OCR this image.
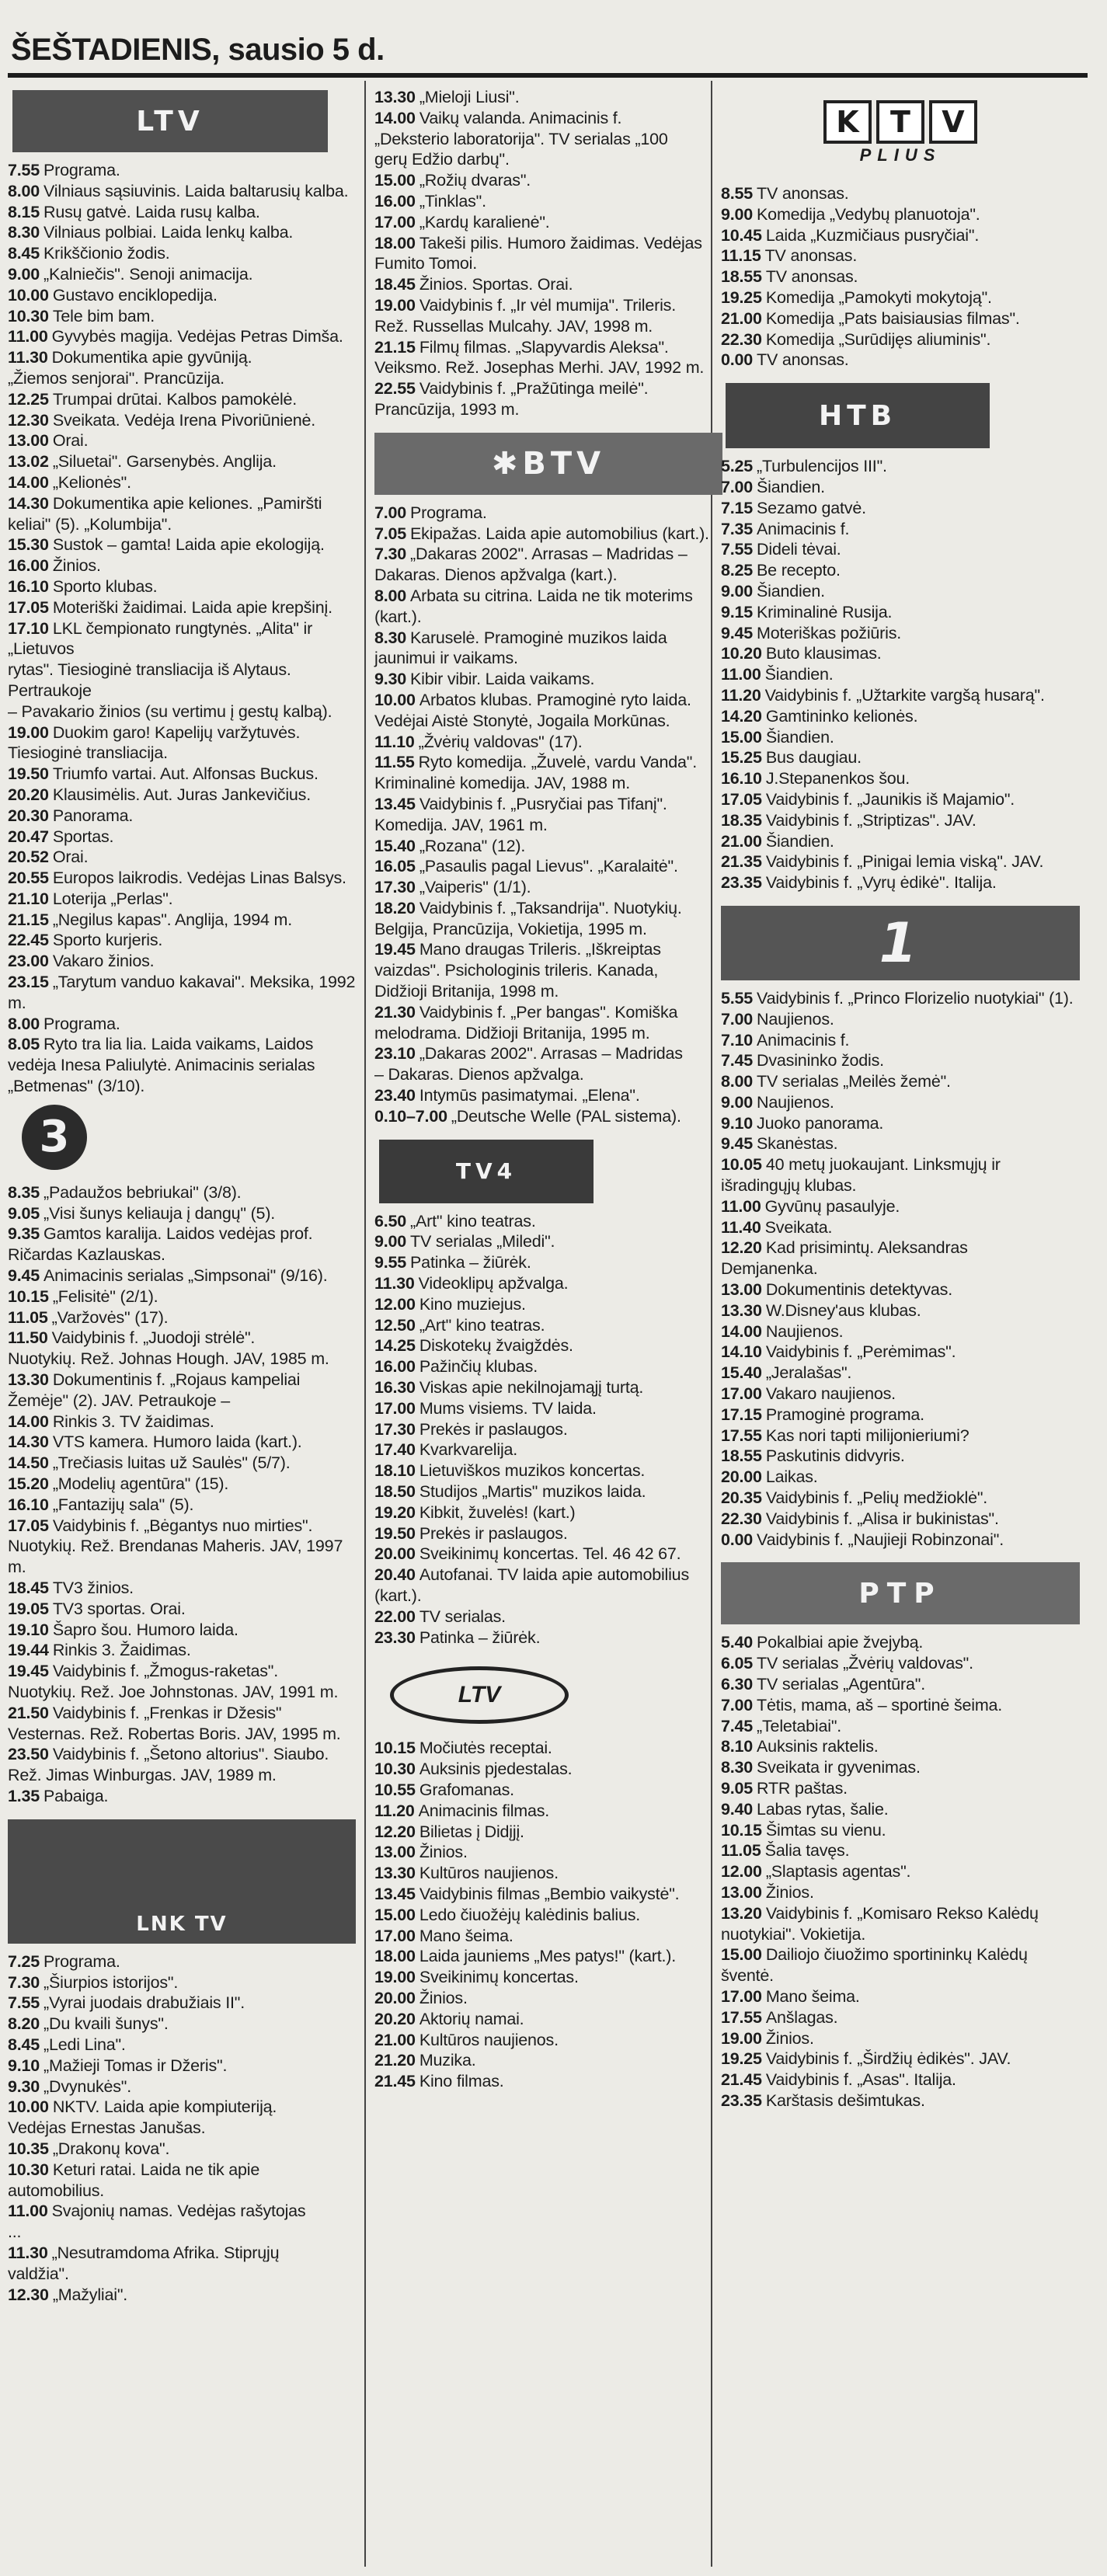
ŠEŠTADIENIS, sausio 5 d.
LTV
7.55 Programa.
8.00 Vilniaus sąsiuvinis. Laida baltarusių kalba.
8.15 Rusų gatvė. Laida rusų kalba.
8.30 Vilniaus polbiai. Laida lenkų kalba.
8.45 Krikščionio žodis.
9.00 „Kalniečis". Senoji animacija.
10.00 Gustavo enciklopedija.
10.30 Tele bim bam.
11.00 Gyvybės magija. Vedėjas Petras Dimša.
11.30 Dokumentika apie gyvūniją.
„Žiemos senjorai". Prancūzija.
12.25 Trumpai drūtai. Kalbos pamokėlė.
12.30 Sveikata. Vedėja Irena Pivoriūnienė.
13.00 Orai.
13.02 „Siluetai". Garsenybės. Anglija.
14.00 „Kelionės".
14.30 Dokumentika apie keliones. „Pamiršti
keliai" (5). „Kolumbija".
15.30 Sustok – gamta! Laida apie ekologiją.
16.00 Žinios.
16.10 Sporto klubas.
17.05 Moteriški žaidimai. Laida apie krepšinį.
17.10 LKL čempionato rungtynės. „Alita" ir „Lietuvos
rytas". Tiesioginė transliacija iš Alytaus. Pertraukoje
– Pavakario žinios (su vertimu į gestų kalbą).
19.00 Duokim garo! Kapelijų varžytuvės.
Tiesioginė transliacija.
19.50 Triumfo vartai. Aut. Alfonsas Buckus.
20.20 Klausimėlis. Aut. Juras Jankevičius.
20.30 Panorama.
20.47 Sportas.
20.52 Orai.
20.55 Europos laikrodis. Vedėjas Linas Balsys.
21.10 Loterija „Perlas".
21.15 „Negilus kapas". Anglija, 1994 m.
22.45 Sporto kurjeris.
23.00 Vakaro žinios.
23.15 „Tarytum vanduo kakavai". Meksika, 1992 m.
8.00 Programa.
8.05 Ryto tra lia lia. Laida vaikams, Laidos
vedėja Inesa Paliulytė. Animacinis serialas
„Betmenas" (3/10).
3
8.35 „Padaužos bebriukai" (3/8).
9.05 „Visi šunys keliauja į dangų" (5).
9.35 Gamtos karalija. Laidos vedėjas prof.
Ričardas Kazlauskas.
9.45 Animacinis serialas „Simpsonai" (9/16).
10.15 „Felisitė" (2/1).
11.05 „Varžovės" (17).
11.50 Vaidybinis f. „Juodoji strėlė".
Nuotykių. Rež. Johnas Hough. JAV, 1985 m.
13.30 Dokumentinis f. „Rojaus kampeliai
Žemėje" (2). JAV. Petraukoje –
14.00 Rinkis 3. TV žaidimas.
14.30 VTS kamera. Humoro laida (kart.).
14.50 „Trečiasis luitas už Saulės" (5/7).
15.20 „Modelių agentūra" (15).
16.10 „Fantazijų sala" (5).
17.05 Vaidybinis f. „Bėgantys nuo mirties".
Nuotykių. Rež. Brendanas Maheris. JAV, 1997 m.
18.45 TV3 žinios.
19.05 TV3 sportas. Orai.
19.10 Šapro šou. Humoro laida.
19.44 Rinkis 3. Žaidimas.
19.45 Vaidybinis f. „Žmogus-raketas".
Nuotykių. Rež. Joe Johnstonas. JAV, 1991 m.
21.50 Vaidybinis f. „Frenkas ir Džesis"
Vesternas. Rež. Robertas Boris. JAV, 1995 m.
23.50 Vaidybinis f. „Šetono altorius". Siaubo.
Rež. Jimas Winburgas. JAV, 1989 m.
1.35 Pabaiga.
LNK TV
7.25 Programa.
7.30 „Šiurpios istorijos".
7.55 „Vyrai juodais drabužiais II".
8.20 „Du kvaili šunys".
8.45 „Ledi Lina".
9.10 „Mažieji Tomas ir Džeris".
9.30 „Dvynukės".
10.00 NKTV. Laida apie kompiuteriją.
Vedėjas Ernestas Janušas.
10.35 „Drakonų kova".
10.30 Keturi ratai. Laida ne tik apie
automobilius.
11.00 Svajonių namas. Vedėjas rašytojas
...
11.30 „Nesutramdoma Afrika. Stiprųjų
valdžia".
12.30 „Mažyliai".
13.30 „Mieloji Liusi".
14.00 Vaikų valanda. Animacinis f.
„Deksterio laboratorija". TV serialas „100
gerų Edžio darbų".
15.00 „Rožių dvaras".
16.00 „Tinklas".
17.00 „Kardų karalienė".
18.00 Takeši pilis. Humoro žaidimas. Vedėjas
Fumito Tomoi.
18.45 Žinios. Sportas. Orai.
19.00 Vaidybinis f. „Ir vėl mumija". Trileris.
Rež. Russellas Mulcahy. JAV, 1998 m.
21.15 Filmų filmas. „Slapyvardis Aleksa".
Veiksmo. Rež. Josephas Merhi. JAV, 1992 m.
22.55 Vaidybinis f. „Pražūtinga meilė".
Prancūzija, 1993 m.
✱BTV
7.00 Programa.
7.05 Ekipažas. Laida apie automobilius (kart.).
7.30 „Dakaras 2002". Arrasas – Madridas –
Dakaras. Dienos apžvalga (kart.).
8.00 Arbata su citrina. Laida ne tik moterims (kart.).
8.30 Karuselė. Pramoginė muzikos laida
jaunimui ir vaikams.
9.30 Kibir vibir. Laida vaikams.
10.00 Arbatos klubas. Pramoginė ryto laida.
Vedėjai Aistė Stonytė, Jogaila Morkūnas.
11.10 „Žvėrių valdovas" (17).
11.55 Ryto komedija. „Žuvelė, vardu Vanda".
Kriminalinė komedija. JAV, 1988 m.
13.45 Vaidybinis f. „Pusryčiai pas Tifanį".
Komedija. JAV, 1961 m.
15.40 „Rozana" (12).
16.05 „Pasaulis pagal Lievus". „Karalaitė".
17.30 „Vaiperis" (1/1).
18.20 Vaidybinis f. „Taksandrija". Nuotykių.
Belgija, Prancūzija, Vokietija, 1995 m.
19.45 Mano draugas Trileris. „Iškreiptas
vaizdas". Psichologinis trileris. Kanada,
Didžioji Britanija, 1998 m.
21.30 Vaidybinis f. „Per bangas". Komiška
melodrama. Didžioji Britanija, 1995 m.
23.10 „Dakaras 2002". Arrasas – Madridas
– Dakaras. Dienos apžvalga.
23.40 Intymūs pasimatymai. „Elena".
0.10–7.00 „Deutsche Welle (PAL sistema).
TV4
6.50 „Art" kino teatras.
9.00 TV serialas „Miledi".
9.55 Patinka – žiūrėk.
11.30 Videoklipų apžvalga.
12.00 Kino muziejus.
12.50 „Art" kino teatras.
14.25 Diskotekų žvaigždės.
16.00 Pažinčių klubas.
16.30 Viskas apie nekilnojamąjį turtą.
17.00 Mums visiems. TV laida.
17.30 Prekės ir paslaugos.
17.40 Kvarkvarelija.
18.10 Lietuviškos muzikos koncertas.
18.50 Studijos „Martis" muzikos laida.
19.20 Kibkit, žuvelės! (kart.)
19.50 Prekės ir paslaugos.
20.00 Sveikinimų koncertas. Tel. 46 42 67.
20.40 Autofanai. TV laida apie automobilius (kart.).
22.00 TV serialas.
23.30 Patinka – žiūrėk.
LTV
10.15 Močiutės receptai.
10.30 Auksinis pjedestalas.
10.55 Grafomanas.
11.20 Animacinis filmas.
12.20 Bilietas į Didįjį.
13.00 Žinios.
13.30 Kultūros naujienos.
13.45 Vaidybinis filmas „Bembio vaikystė".
15.00 Ledo čiuožėjų kalėdinis balius.
17.00 Mano šeima.
18.00 Laida jauniems „Mes patys!" (kart.).
19.00 Sveikinimų koncertas.
20.00 Žinios.
20.20 Aktorių namai.
21.00 Kultūros naujienos.
21.20 Muzika.
21.45 Kino filmas.
K	T	V
PLIUS
8.55 TV anonsas.
9.00 Komedija „Vedybų planuotoja".
10.45 Laida „Kuzmičiaus pusryčiai".
11.15 TV anonsas.
18.55 TV anonsas.
19.25 Komedija „Pamokyti mokytoją".
21.00 Komedija „Pats baisiausias filmas".
22.30 Komedija „Surūdijęs aliuminis".
0.00 TV anonsas.
НТВ
5.25 „Turbulencijos III".
7.00 Šiandien.
7.15 Sezamo gatvė.
7.35 Animacinis f.
7.55 Dideli tėvai.
8.25 Be recepto.
9.00 Šiandien.
9.15 Kriminalinė Rusija.
9.45 Moteriškas požiūris.
10.20 Buto klausimas.
11.00 Šiandien.
11.20 Vaidybinis f. „Užtarkite vargšą husarą".
14.20 Gamtininko kelionės.
15.00 Šiandien.
15.25 Bus daugiau.
16.10 J.Stepanenkos šou.
17.05 Vaidybinis f. „Jaunikis iš Majamio".
18.35 Vaidybinis f. „Striptizas". JAV.
21.00 Šiandien.
21.35 Vaidybinis f. „Pinigai lemia viską". JAV.
23.35 Vaidybinis f. „Vyrų ėdikė". Italija.
1
5.55 Vaidybinis f. „Princo Florizelio nuotykiai" (1).
7.00 Naujienos.
7.10 Animacinis f.
7.45 Dvasininko žodis.
8.00 TV serialas „Meilės žemė".
9.00 Naujienos.
9.10 Juoko panorama.
9.45 Skanėstas.
10.05 40 metų juokaujant. Linksmųjų ir
išradingųjų klubas.
11.00 Gyvūnų pasaulyje.
11.40 Sveikata.
12.20 Kad prisimintų. Aleksandras
Demjanenka.
13.00 Dokumentinis detektyvas.
13.30 W.Disney'aus klubas.
14.00 Naujienos.
14.10 Vaidybinis f. „Perėmimas".
15.40 „Jeralašas".
17.00 Vakaro naujienos.
17.15 Pramoginė programa.
17.55 Kas nori tapti milijonieriumi?
18.55 Paskutinis didvyris.
20.00 Laikas.
20.35 Vaidybinis f. „Pelių medžioklė".
22.30 Vaidybinis f. „Alisa ir bukinistas".
0.00 Vaidybinis f. „Naujieji Robinzonai".
РТР
5.40 Pokalbiai apie žvejybą.
6.05 TV serialas „Žvėrių valdovas".
6.30 TV serialas „Agentūra".
7.00 Tėtis, mama, aš – sportinė šeima.
7.45 „Teletabiai".
8.10 Auksinis raktelis.
8.30 Sveikata ir gyvenimas.
9.05 RTR paštas.
9.40 Labas rytas, šalie.
10.15 Šimtas su vienu.
11.05 Šalia tavęs.
12.00 „Slaptasis agentas".
13.00 Žinios.
13.20 Vaidybinis f. „Komisaro Rekso Kalėdų
nuotykiai". Vokietija.
15.00 Dailiojo čiuožimo sportininkų Kalėdų šventė.
17.00 Mano šeima.
17.55 Anšlagas.
19.00 Žinios.
19.25 Vaidybinis f. „Širdžių ėdikės". JAV.
21.45 Vaidybinis f. „Asas". Italija.
23.35 Karštasis dešimtukas.
